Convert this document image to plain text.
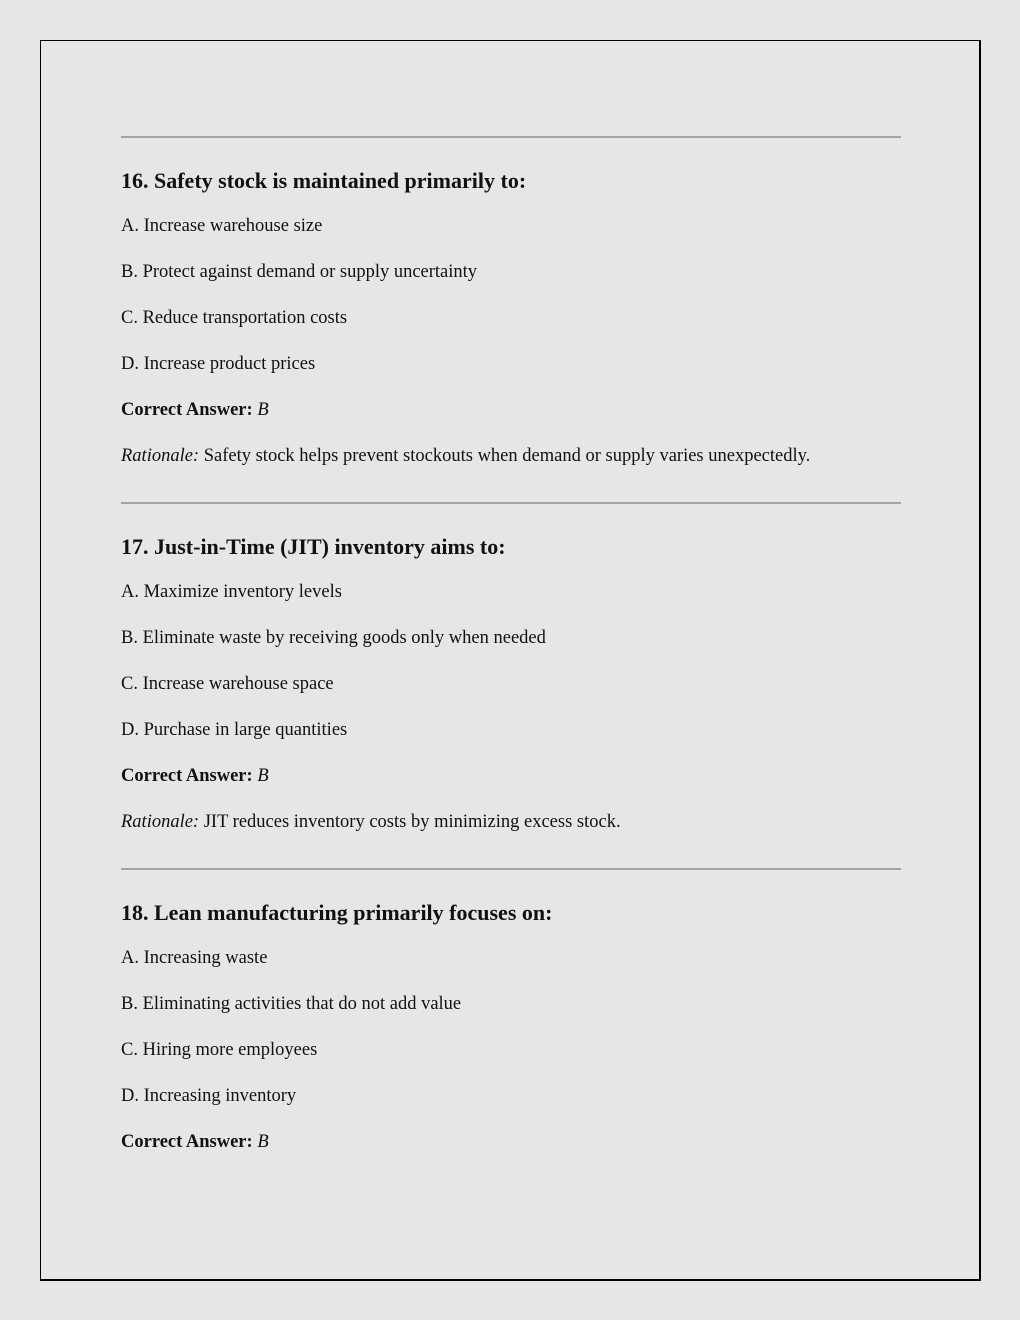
16. Safety stock is maintained primarily to:

A. Increase warehouse size

B. Protect against demand or supply uncertainty

C. Reduce transportation costs

D. Increase product prices

Correct Answer: B

Rationale: Safety stock helps prevent stockouts when demand or supply varies unexpectedly.

17. Just-in-Time (JIT) inventory aims to:

A. Maximize inventory levels

B. Eliminate waste by receiving goods only when needed

C. Increase warehouse space

D. Purchase in large quantities

Correct Answer: B

Rationale: JIT reduces inventory costs by minimizing excess stock.

18. Lean manufacturing primarily focuses on:

A. Increasing waste

B. Eliminating activities that do not add value

C. Hiring more employees

D. Increasing inventory

Correct Answer: B
